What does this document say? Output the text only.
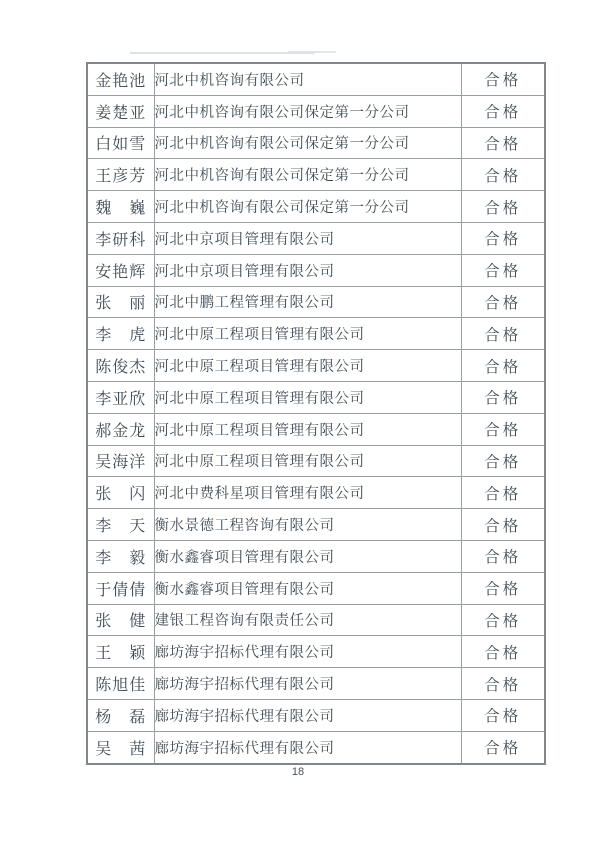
金艳池	河北中机咨询有限公司	合格
姜楚亚	河北中机咨询有限公司保定第一分公司	合格
白如雪	河北中机咨询有限公司保定第一分公司	合格
王彦芳	河北中机咨询有限公司保定第一分公司	合格
魏　巍	河北中机咨询有限公司保定第一分公司	合格
李研科	河北中京项目管理有限公司	合格
安艳辉	河北中京项目管理有限公司	合格
张　丽	河北中鹏工程管理有限公司	合格
李　虎	河北中原工程项目管理有限公司	合格
陈俊杰	河北中原工程项目管理有限公司	合格
李亚欣	河北中原工程项目管理有限公司	合格
郝金龙	河北中原工程项目管理有限公司	合格
吴海洋	河北中原工程项目管理有限公司	合格
张　闪	河北中费科星项目管理有限公司	合格
李　天	衡水景德工程咨询有限公司	合格
李　毅	衡水鑫睿项目管理有限公司	合格
于倩倩	衡水鑫睿项目管理有限公司	合格
张　健	建银工程咨询有限责任公司	合格
王　颖	廊坊海宇招标代理有限公司	合格
陈旭佳	廊坊海宇招标代理有限公司	合格
杨　磊	廊坊海宇招标代理有限公司	合格
吴　茜	廊坊海宇招标代理有限公司	合格
18
